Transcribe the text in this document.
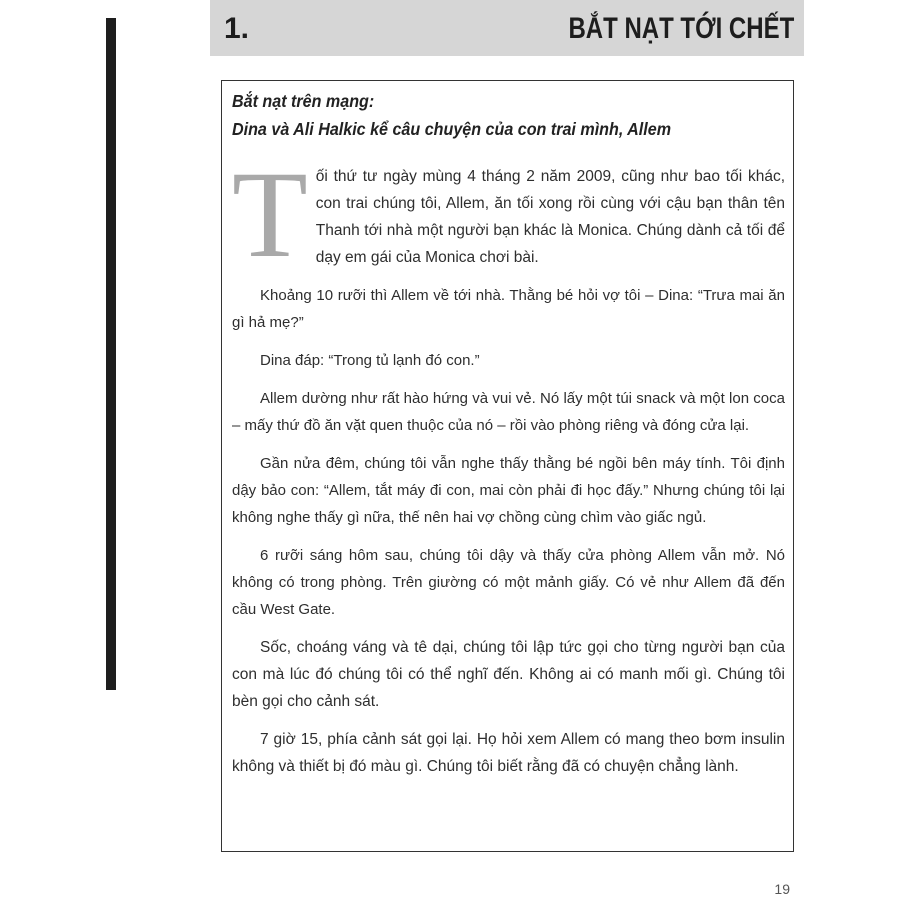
1.	BẮT NẠT TỚI CHẾT
Bắt nạt trên mạng:
Dina và Ali Halkic kể câu chuyện của con trai mình, Allem

T ối thứ tư ngày mùng 4 tháng 2 năm 2009, cũng như bao tối khác, con trai chúng tôi, Allem, ăn tối xong rồi cùng với cậu bạn thân tên Thanh tới nhà một người bạn khác là Monica. Chúng dành cả tối để dạy em gái của Monica chơi bài.

Khoảng 10 rưỡi thì Allem về tới nhà. Thằng bé hỏi vợ tôi – Dina: “Trưa mai ăn gì hả mẹ?”

Dina đáp: “Trong tủ lạnh đó con.”

Allem dường như rất hào hứng và vui vẻ. Nó lấy một túi snack và một lon coca – mấy thứ đồ ăn vặt quen thuộc của nó – rồi vào phòng riêng và đóng cửa lại.

Gần nửa đêm, chúng tôi vẫn nghe thấy thằng bé ngồi bên máy tính. Tôi định dậy bảo con: “Allem, tắt máy đi con, mai còn phải đi học đấy.” Nhưng chúng tôi lại không nghe thấy gì nữa, thế nên hai vợ chồng cùng chìm vào giấc ngủ.

6 rưỡi sáng hôm sau, chúng tôi dậy và thấy cửa phòng Allem vẫn mở. Nó không có trong phòng. Trên giường có một mảnh giấy. Có vẻ như Allem đã đến cầu West Gate.

Sốc, choáng váng và tê dại, chúng tôi lập tức gọi cho từng người bạn của con mà lúc đó chúng tôi có thể nghĩ đến. Không ai có manh mối gì. Chúng tôi bèn gọi cho cảnh sát.

7 giờ 15, phía cảnh sát gọi lại. Họ hỏi xem Allem có mang theo bơm insulin không và thiết bị đó màu gì. Chúng tôi biết rằng đã có chuyện chẳng lành.

19
